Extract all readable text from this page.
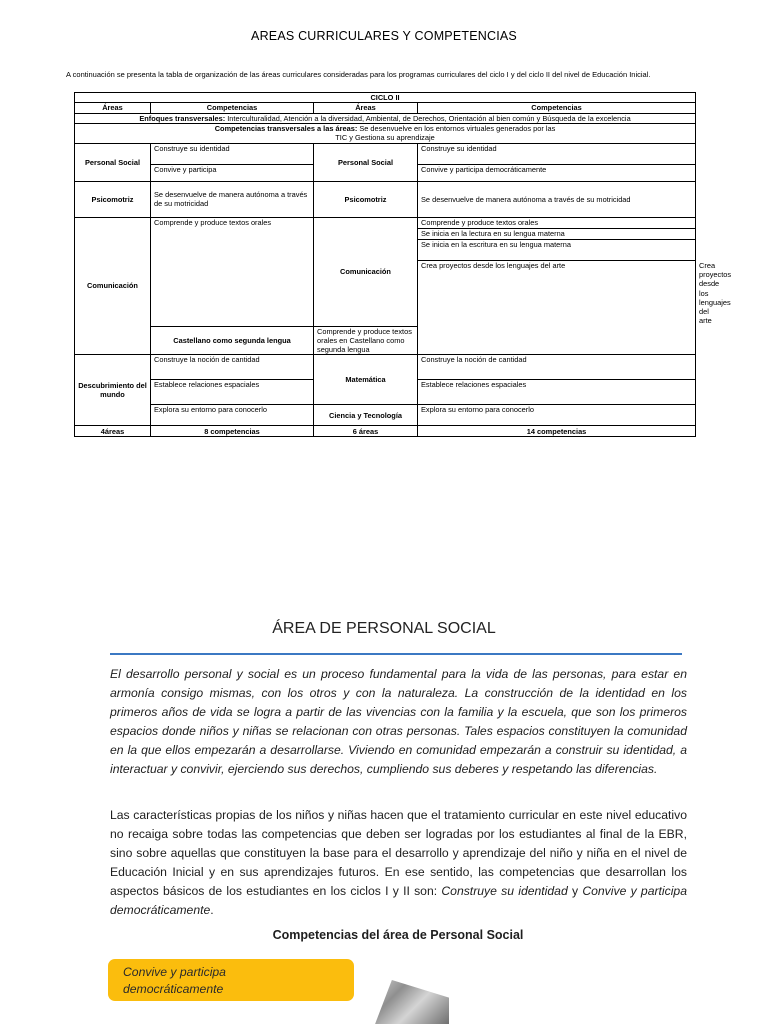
AREAS CURRICULARES Y COMPETENCIAS
A continuación se presenta la tabla de organización de las áreas curriculares consideradas para los programas curriculares del ciclo I y del ciclo II del nivel de Educación Inicial.
CICLO II				
Áreas	Competencias	Áreas	Competencias	
Enfoques transversales: Interculturalidad, Atención a la diversidad, Ambiental, de Derechos, Orientación al bien común y Búsqueda de la excelencia				
Competencias transversales a las áreas: Se desenvuelve en los entornos virtuales generados por las
TIC y Gestiona su aprendizaje				
Personal Social	Construye su identidad	Personal Social	Construye su identidad	
	Convive y participa		Convive y participa democráticamente	
Psicomotriz	Se desenvuelve de manera autónoma a través de su motricidad	Psicomotriz	Se desenvuelve de manera autónoma a través de su motricidad	
Comunicación	Comprende y produce textos orales	Comunicación	Comprende y produce textos orales	
			Se inicia en la lectura en su lengua materna	
			Se inicia en la escritura en su lengua materna	
			Crea proyectos desde los lenguajes del arte	Crea proyectos desde los lenguajes del arte
	Castellano como segunda lengua	Comprende y produce textos orales en Castellano como segunda lengua		

Descubrimiento del mundo	Construye la noción de cantidad	Matemática	Construye la noción de cantidad	
	Establece relaciones espaciales		Establece relaciones espaciales	
	Explora su entorno para conocerlo	Ciencia y Tecnología	Explora su entorno para conocerlo	
4áreas	8 competencias	6 áreas	14 competencias	
ÁREA DE PERSONAL SOCIAL
El desarrollo personal y social es un proceso fundamental para la vida de las personas, para estar en armonía consigo mismas, con los otros y con la naturaleza. La construcción de la identidad en los primeros años de vida se logra a partir de las vivencias con la familia y la escuela, que son los primeros espacios donde niños y niñas se relacionan con otras personas. Tales espacios constituyen la comunidad en la que ellos empezarán a desarrollarse. Viviendo en comunidad empezarán a construir su identidad, a interactuar y convivir, ejerciendo sus derechos, cumpliendo sus deberes y respetando las diferencias.
Las características propias de los niños y niñas hacen que el tratamiento curricular en este nivel educativo no recaiga sobre todas las competencias que deben ser logradas por los estudiantes al final de la EBR, sino sobre aquellas que constituyen la base para el desarrollo y aprendizaje del niño y niña en el nivel de Educación Inicial y en sus aprendizajes futuros. En ese sentido, las competencias que desarrollan los aspectos básicos de los estudiantes en los ciclos I y II son: Construye su identidad y Convive y participa democráticamente.
Competencias del área de Personal Social
Convive y participa
democráticamente
